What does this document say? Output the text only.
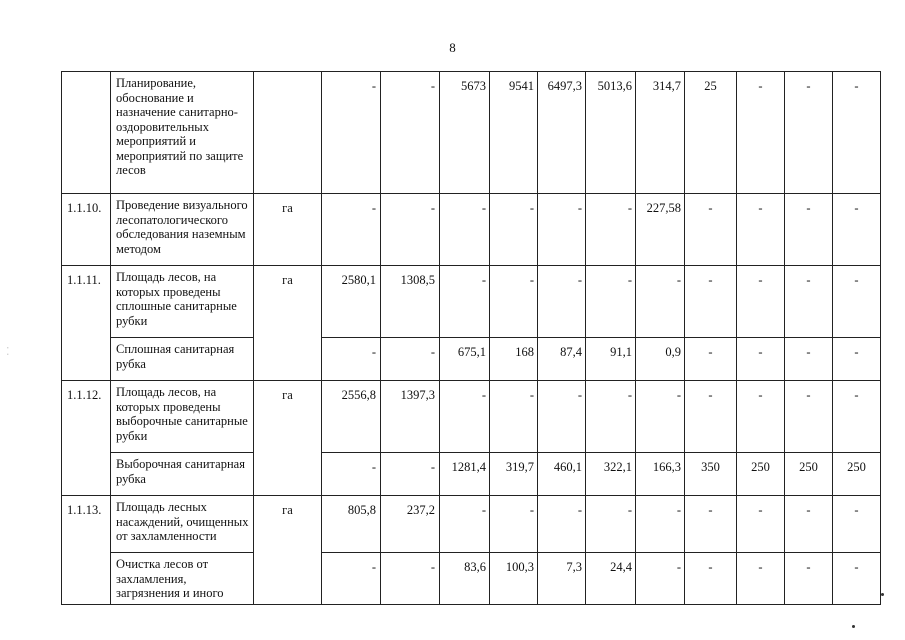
8
⁚
	Планирование, обоснование и назначение санитарно-оздоровительных мероприятий и мероприятий по защите лесов		-	-	5673	9541	6497,3	5013,6	314,7	25	-	-	-
1.1.10.	Проведение визуального лесопатологического обследования наземным методом	га	-	-	-	-	-	-	227,58	-	-	-	-
1.1.11.	Площадь лесов, на которых проведены сплошные санитарные рубки	га	2580,1	1308,5	-	-	-	-	-	-	-	-	-
	Сплошная санитарная рубка		-	-	675,1	168	87,4	91,1	0,9	-	-	-	-
1.1.12.	Площадь лесов, на которых проведены выборочные санитарные рубки	га	2556,8	1397,3	-	-	-	-	-	-	-	-	-
	Выборочная санитарная рубка		-	-	1281,4	319,7	460,1	322,1	166,3	350	250	250	250
1.1.13.	Площадь лесных насаждений, очищенных от захламленности	га	805,8	237,2	-	-	-	-	-	-	-	-	-
	Очистка лесов от захламления, загрязнения и иного		-	-	83,6	100,3	7,3	24,4	-	-	-	-	-
